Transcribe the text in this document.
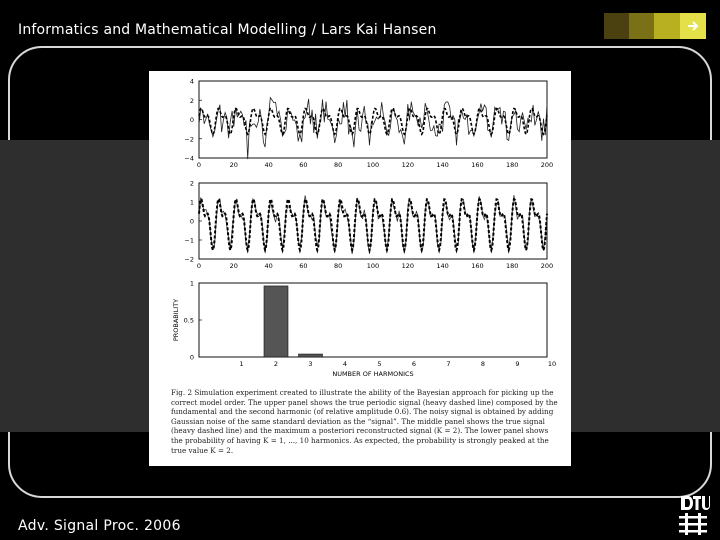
Informatics and Mathematical Modelling / Lars Kai Hansen
4
2
0
−2
−4
0	20	40	60	80	100	120	140	160	180	200
2
1
0
−1
−2
0	20	40	60	80	100	120	140	160	180	200
1
0.5
0
1	2	3	4	5	6	7	8	9	10
PROBABILITY
NUMBER OF HARMONICS
Fig. 2 Simulation experiment created to illustrate the ability of the Bayesian approach for picking up the correct model order. The upper panel shows the true periodic signal (heavy dashed line) composed by the fundamental and the second harmonic (of relative amplitude 0.6). The noisy signal is obtained by adding Gaussian noise of the same standard deviation as the “signal”. The middle panel shows the true signal (heavy dashed line) and the maximum a posteriori reconstructed signal (K = 2). The lower panel shows the probability of having K = 1, ..., 10 harmonics. As expected, the probability is strongly peaked at the true value K = 2.
Adv. Signal Proc. 2006
